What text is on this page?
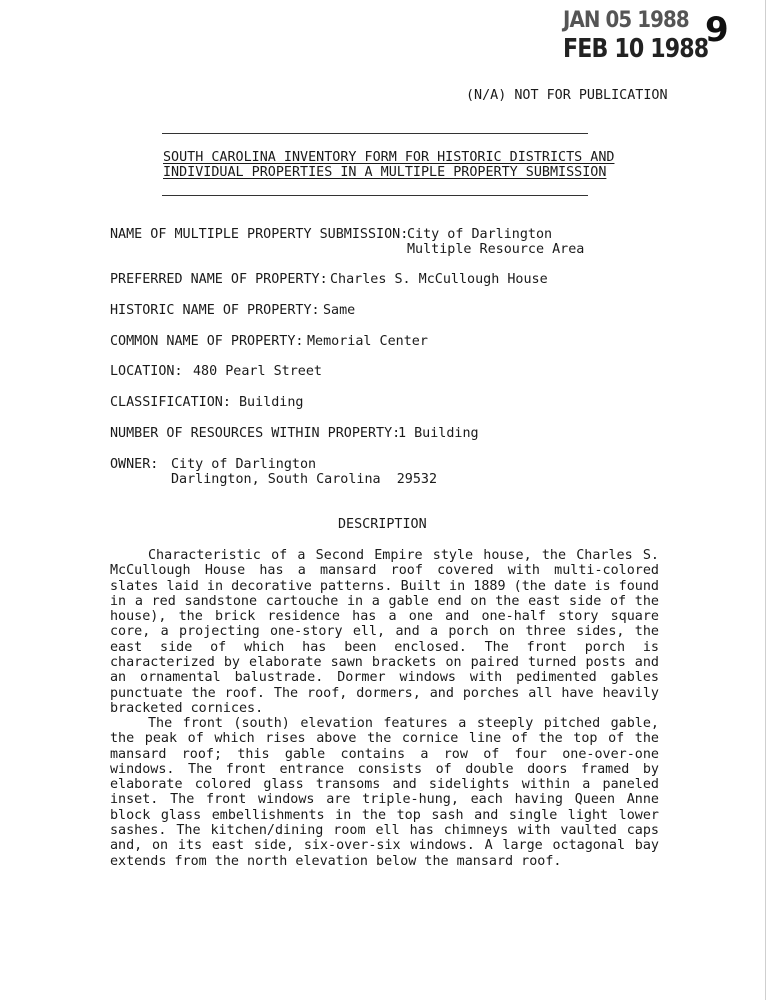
JAN 05 1988
FEB 10 1988
9
(N/A) NOT FOR PUBLICATION
SOUTH CAROLINA INVENTORY FORM FOR HISTORIC DISTRICTS AND
INDIVIDUAL PROPERTIES IN A MULTIPLE PROPERTY SUBMISSION
NAME OF MULTIPLE PROPERTY SUBMISSION:
City of Darlington
Multiple Resource Area
PREFERRED NAME OF PROPERTY: Charles S. McCullough House
HISTORIC NAME OF PROPERTY: Same
COMMON NAME OF PROPERTY: Memorial Center
LOCATION: 480 Pearl Street
CLASSIFICATION: Building
NUMBER OF RESOURCES WITHIN PROPERTY:
1 Building
OWNER: City of Darlington
Darlington, South Carolina  29532
DESCRIPTION

Characteristic of a Second Empire style house, the Charles S. McCullough House has a mansard roof covered with multi-colored slates laid in decorative patterns. Built in 1889 (the date is found in a red sandstone cartouche in a gable end on the east side of the house), the brick residence has a one and one-half story square core, a projecting one-story ell, and a porch on three sides, the east side of which has been enclosed. The front porch is characterized by elaborate sawn brackets on paired turned posts and an ornamental balustrade. Dormer windows with pedimented gables punctuate the roof. The roof, dormers, and porches all have heavily bracketed cornices.

The front (south) elevation features a steeply pitched gable, the peak of which rises above the cornice line of the top of the mansard roof; this gable contains a row of four one-over-one windows. The front entrance consists of double doors framed by elaborate colored glass transoms and sidelights within a paneled inset. The front windows are triple-hung, each having Queen Anne block glass embellishments in the top sash and single light lower sashes. The kitchen/dining room ell has chimneys with vaulted caps and, on its east side, six-over-six windows. A large octagonal bay extends from the north elevation below the mansard roof.
